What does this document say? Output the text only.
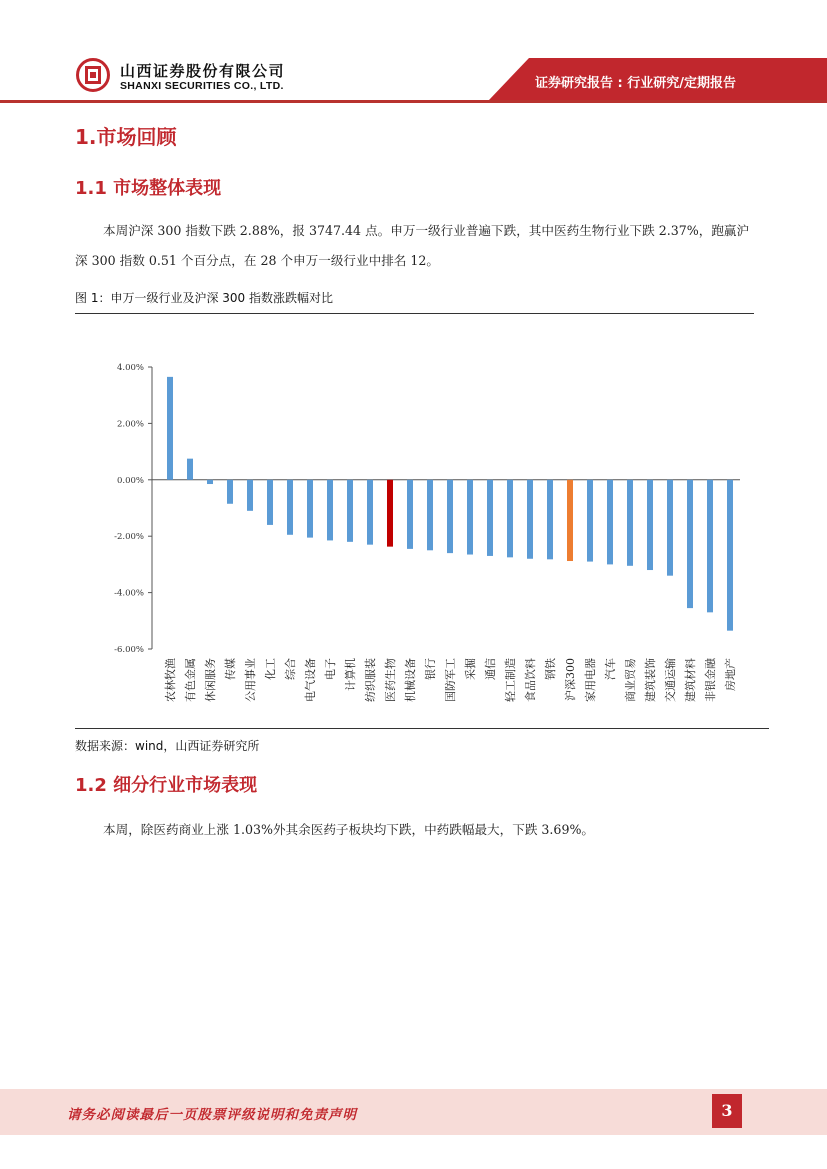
山西证券股份有限公司
SHANXI SECURITIES CO., LTD.	证券研究报告 : 行业研究/定期报告
1.市场回顾
1.1 市场整体表现
本周沪深 300 指数下跌 2.88%，报 3747.44 点。申万一级行业普遍下跌，其中医药生物行业下跌 2.37%，跑赢沪深 300 指数 0.51 个百分点，在 28 个申万一级行业中排名 12。
图 1：申万一级行业及沪深 300 指数涨跌幅对比
4.00%
2.00%
0.00%
-2.00%
-4.00%
-6.00%
农林牧渔 有色金属 休闲服务 传媒 公用事业 化工 综合 电气设备 电子 计算机 纺织服装 医药生物 机械设备 银行 国防军工 采掘 通信 轻工制造 食品饮料 钢铁 沪深300 家用电器 汽车 商业贸易 建筑装饰 交通运输 建筑材料 非银金融 房地产
数据来源：wind，山西证券研究所
1.2 细分行业市场表现
本周，除医药商业上涨 1.03%外其余医药子板块均下跌，中药跌幅最大，下跌 3.69%。
请务必阅读最后一页股票评级说明和免责声明	3
